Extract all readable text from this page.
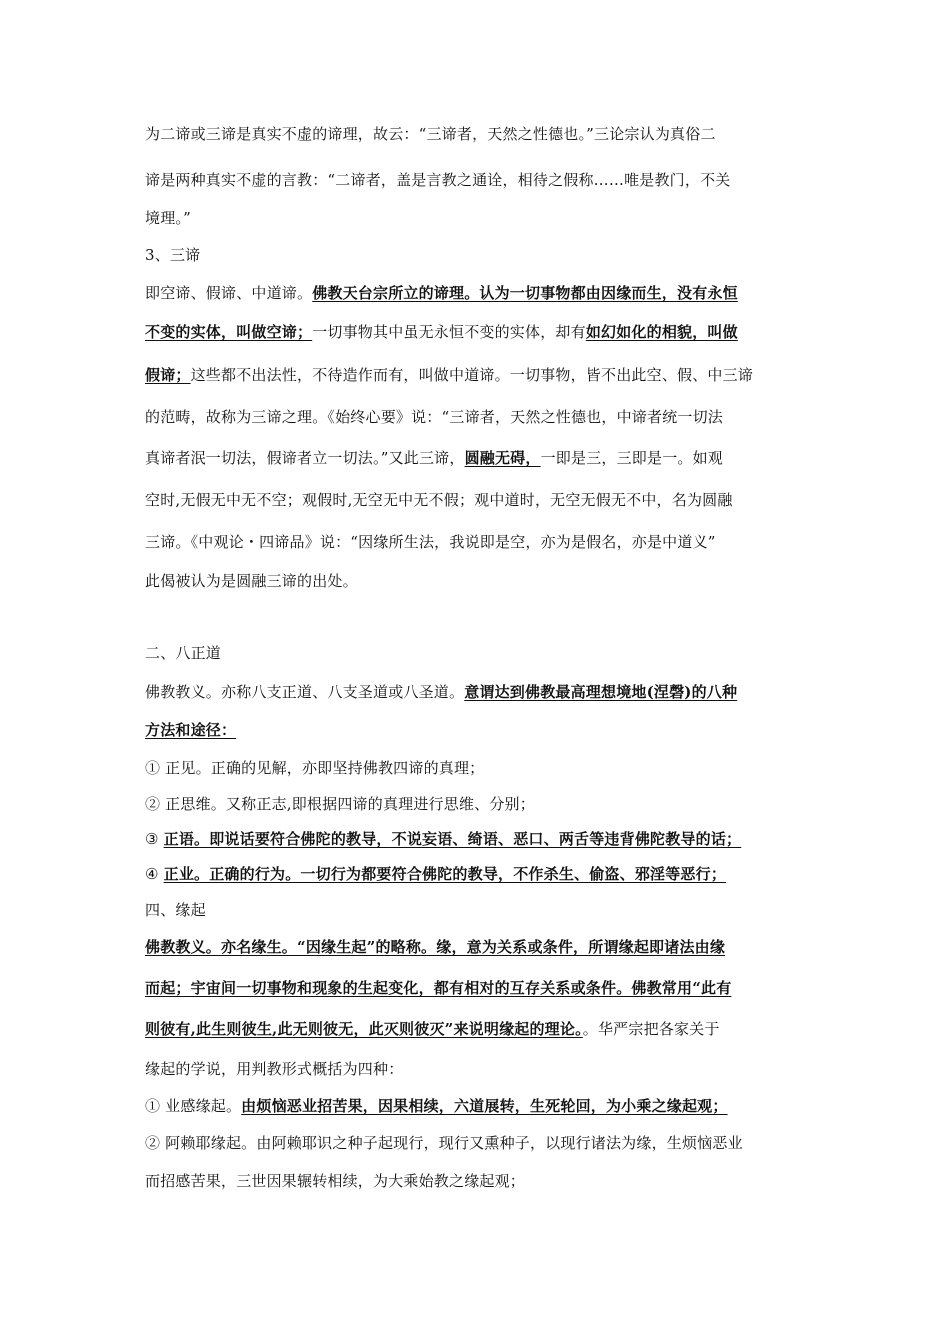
为二谛或三谛是真实不虚的谛理，故云：“三谛者，天然之性德也。”三论宗认为真俗二
谛是两种真实不虚的言教：“二谛者，盖是言教之通诠，相待之假称……唯是教门，不关
境理。”
3、三谛
即空谛、假谛、中道谛。佛教天台宗所立的谛理。认为一切事物都由因缘而生，没有永恒
不变的实体，叫做空谛；一切事物其中虽无永恒不变的实体，却有如幻如化的相貌，叫做
假谛；这些都不出法性，不待造作而有，叫做中道谛。一切事物，皆不出此空、假、中三谛
的范畴，故称为三谛之理。《始终心要》说：“三谛者，天然之性德也，中谛者统一切法
真谛者泯一切法，假谛者立一切法。”又此三谛，圆融无碍，一即是三，三即是一。如观
空时,无假无中无不空；观假时,无空无中无不假；观中道时，无空无假无不中，名为圆融
三谛。《中观论・四谛品》说：“因缘所生法，我说即是空，亦为是假名，亦是中道义”
此偈被认为是圆融三谛的出处。
二、八正道
佛教教义。亦称八支正道、八支圣道或八圣道。意谓达到佛教最高理想境地(涅磬)的八种
方法和途径：
① 正见。正确的见解，亦即坚持佛教四谛的真理；
② 正思维。又称正志,即根据四谛的真理进行思维、分别；
③ 正语。即说话要符合佛陀的教导，不说妄语、绮语、恶口、两舌等违背佛陀教导的话；
④ 正业。正确的行为。一切行为都要符合佛陀的教导，不作杀生、偷盗、邪淫等恶行；
四、缘起
佛教教义。亦名缘生。“因缘生起”的略称。缘，意为关系或条件，所谓缘起即诸法由缘
而起；宇宙间一切事物和现象的生起变化，都有相对的互存关系或条件。佛教常用“此有
则彼有,此生则彼生,此无则彼无，此灭则彼灭”来说明缘起的理论。。华严宗把各家关于
缘起的学说，用判教形式概括为四种：
① 业感缘起。由烦恼恶业招苦果，因果相续，六道展转，生死轮回，为小乘之缘起观；
② 阿赖耶缘起。由阿赖耶识之种子起现行，现行又熏种子，以现行诸法为缘，生烦恼恶业
而招感苦果，三世因果辗转相续，为大乘始教之缘起观；
